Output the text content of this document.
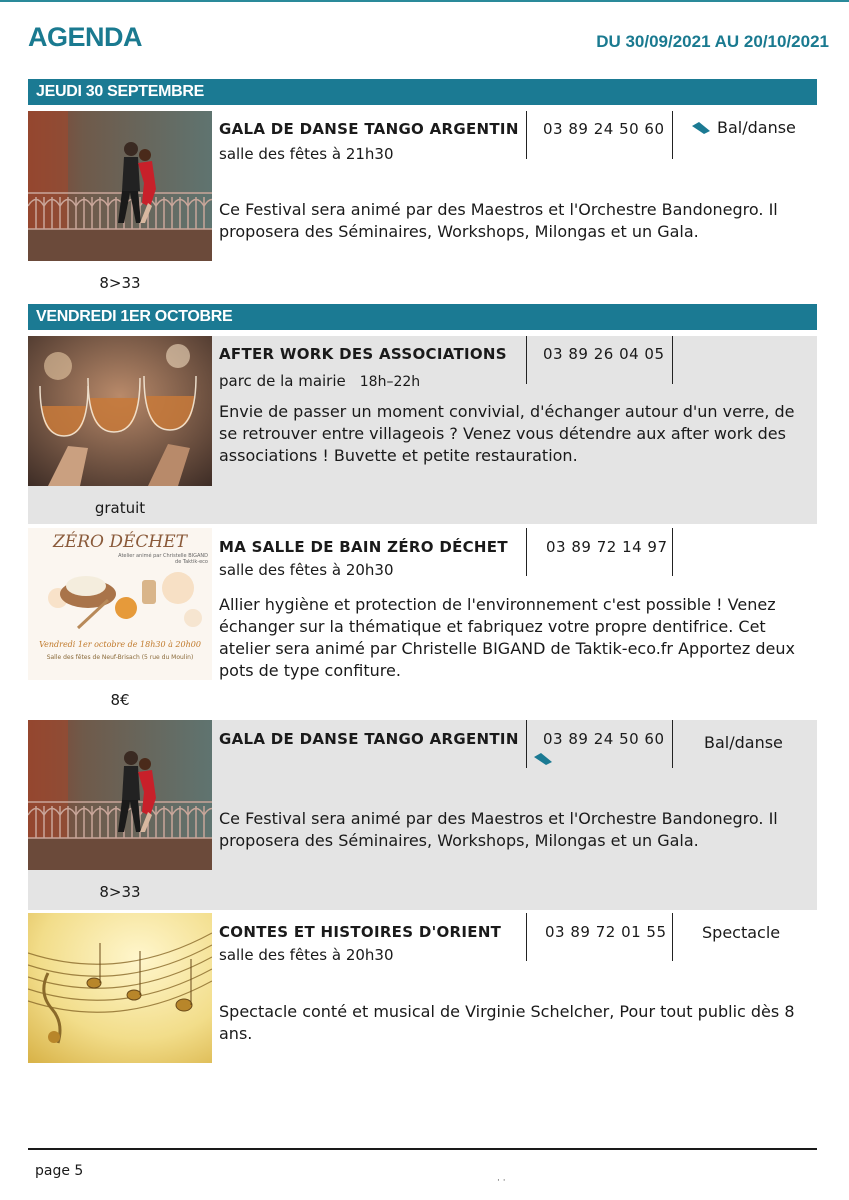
AGENDA	DU 30/09/2021 AU 20/10/2021
JEUDI 30 SEPTEMBRE
8>33
GALA DE DANSE TANGO ARGENTIN
salle des fêtes à 21h30
03 89 24 50 60	Bal/danse
Ce Festival sera animé par des Maestros et l'Orchestre Bandonegro. Il proposera des Séminaires, Workshops, Milongas et un Gala.
VENDREDI 1ER OCTOBRE
gratuit
AFTER WORK DES ASSOCIATIONS
parc de la mairie 18h–22h
03 89 26 04 05
Envie de passer un moment convivial, d'échanger autour d'un verre, de se retrouver entre villageois ? Venez vous détendre aux after work des associations ! Buvette et petite restauration.
ZÉRO DÉCHET
Atelier animé par Christelle BIGAND de Taktik-eco
Vendredi 1er octobre de 18h30 à 20h00
Salle des fêtes de Neuf-Brisach (5 rue du Moulin)
8€
MA SALLE DE BAIN ZÉRO DÉCHET
salle des fêtes à 20h30
03 89 72 14 97
Allier hygiène et protection de l'environnement c'est possible ! Venez échanger sur la thématique et fabriquez votre propre dentifrice. Cet atelier sera animé par Christelle BIGAND de Taktik-eco.fr Apportez deux pots de type confiture.
8>33
GALA DE DANSE TANGO ARGENTIN 03 89 24 50 60 Bal/danse
Ce Festival sera animé par des Maestros et l'Orchestre Bandonegro. Il proposera des Séminaires, Workshops, Milongas et un Gala.
CONTES ET HISTOIRES D'ORIENT
salle des fêtes à 20h30
03 89 72 01 55 Spectacle
Spectacle conté et musical de Virginie Schelcher, Pour tout public dès 8 ans.
page 5
· ·
